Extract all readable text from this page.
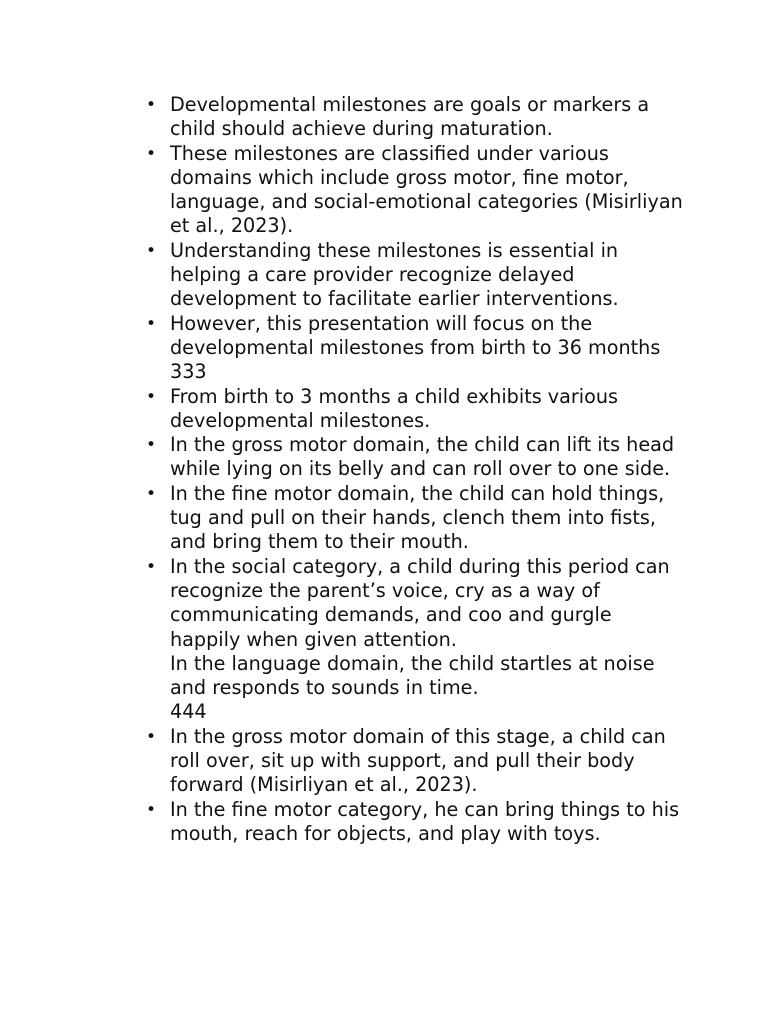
• Developmental milestones are goals or markers a child should achieve during maturation.

• These milestones are classified under various domains which include gross motor, fine motor, language, and social-emotional categories (Misirliyan et al., 2023).

• Understanding these milestones is essential in helping a care provider recognize delayed development to facilitate earlier interventions.

• However, this presentation will focus on the developmental milestones from birth to 36 months

333

• From birth to 3 months a child exhibits various developmental milestones.

• In the gross motor domain, the child can lift its head while lying on its belly and can roll over to one side.

• In the fine motor domain, the child can hold things, tug and pull on their hands, clench them into fists, and bring them to their mouth.

• In the social category, a child during this period can recognize the parent’s voice, cry as a way of communicating demands, and coo and gurgle happily when given attention.

In the language domain, the child startles at noise and responds to sounds in time.

444

• In the gross motor domain of this stage, a child can roll over, sit up with support, and pull their body forward (Misirliyan et al., 2023).

• In the fine motor category, he can bring things to his mouth, reach for objects, and play with toys.
